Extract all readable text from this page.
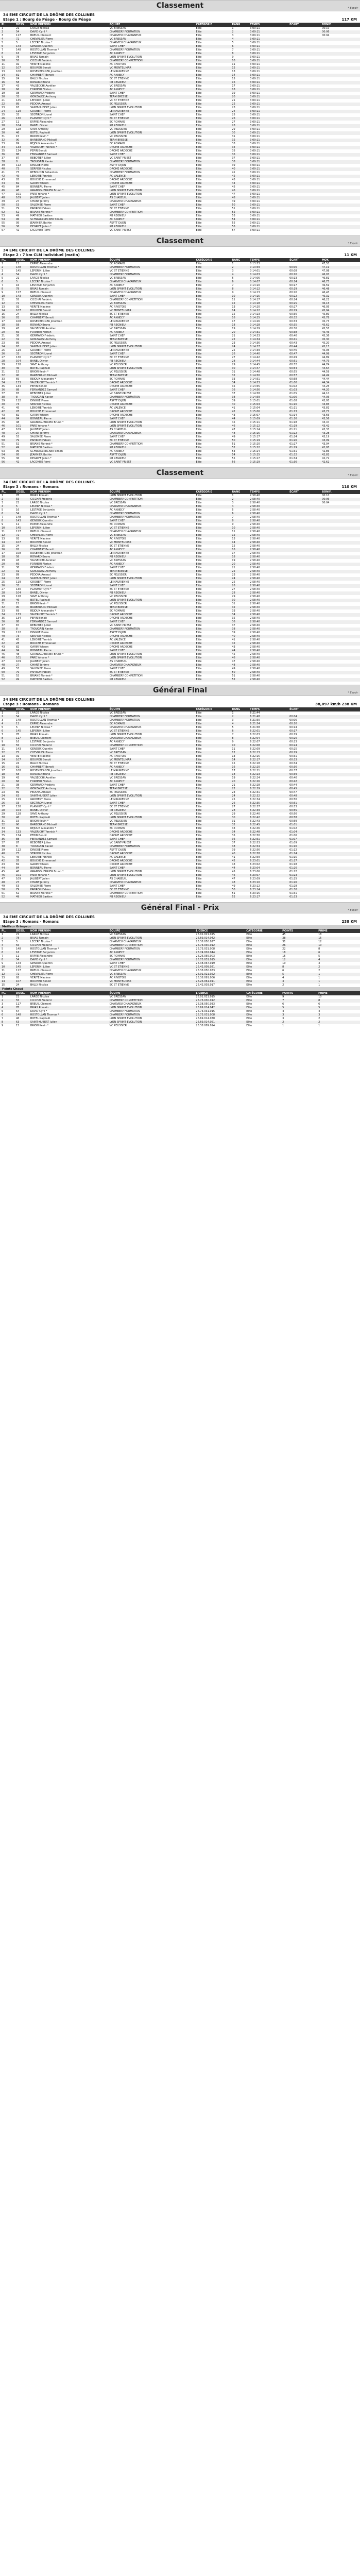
Classement	* Espoir
34 EME CIRCUIT DE LA DRÔME DES COLLINES
Etape 1 : Bourg de Péage - Bourg de Péage	117 KM
PL.	DOSS.	NOM PRÉNOM	ÉQUIPE	CATÉGORIE	RANG	TEMPS	ÉCART	BONIF.
1	21	LARGE Nicolas	VC BRESSAN	Elite	1	3:09:11		00:10
2	54	DAVID Cyril *	CHAMBERY FORMATION	Elite	2	3:09:11		00:06
3	117	BREUIL Clément	CHARVIEU CHAVAGNEUX	Elite	3	3:09:11		00:04
4	72	CHEVALIER Pierre	VC BRESSAN	Elite	4	3:09:11		
5	5	LECERF Nicolas *	CHARVIEU CHAVAGNEUX	Elite	5	3:09:11		
6	143	GENOUX Quentin	SAINT CHEF	Elite	6	3:09:11		
7	148	ROSTOLLAN Thomas *	CHAMBERY FORMATION	Elite	7	3:09:11		
8	16	LESTAGE Benjamin	AC ANNECY	Elite	8	3:09:11		
9	78	BRIAS Romain	LYON SPRINT EVOLUTION	Elite	9	3:09:11		
10	55	CICCHAI Frédéric	CHAMBERY COMPETITION	Elite	10	3:09:11		
11	92	VERITE Maxime	AC RIVOTOIS	Elite	11	3:09:11		
12	107	BOUVIER Benoit	VC MONTELIMAR	Elite	12	3:09:11		
13	108	ROSENBERGER Jonathan	LE MAURIENNE	Elite	13	3:09:11		
14	81	CHAMBERT Benoit	AC ANNECY	Elite	14	3:09:11		
15	24	BALLY Nicolas	EC ST ETIENNE	Elite	15	3:09:11		
16	58	RONARD Bruno	RB REGNIEU	Elite	16	3:09:11		
17	43	VALSECCHI Aurélien	VC BRESSAN	Elite	17	3:09:11		
18	66	FORNERI Florian	AC ANNECY	Elite	18	3:09:11		
19	38	GERMANO Frédéric	SAINT CHEF	Elite	19	3:09:11		
20	31	GONZALEZ Anthony	TEAM BRESSE	Elite	20	3:09:11		
21	145	LEPORINI Julien	VC ST ETIENNE	Elite	21	3:09:11		
22	89	PEDOYA Arnaud	EC PELISSIER	Elite	22	3:09:11		
23	63	SAINT-HUBERT Julien	LYON SPRINT EVOLUTION	Elite	23	3:09:11		
24	119	GROBERT Pierre	LE MAURIENNE	Elite	24	3:09:11		
25	33	SEGTIRON Lionel	SAINT CHEF	Elite	25	3:09:11		
26	130	PLANHOT Cyril *	EC ST ETIENNE	Elite	26	3:09:11		
27	11	ERPRE Alexandre	EC ROMANS	Elite	27	3:09:11		
28	104	BANEL Olivier	RB REGNIEU	Elite	28	3:09:11		
29	128	SAVE Anthony	VC PELISSIER	Elite	29	3:09:11		
30	46	BOTEL Raphaël	LYON SPRINT EVOLUTION	Elite	30	3:09:11		
31	15	BRION Kevin *	VC PELISSIER	Elite	31	3:09:11		
32	90	BARBERAND Mickaël	TEAM BRESSE	Elite	32	3:09:11		
33	69	REJOUX Alexandre *	EC ROMANS	Elite	33	3:09:11		
34	133	VALERICHY Yannick *	DROME ARDECHE	Elite	34	3:09:11		
35	134	PEPIN Benoit	DROME ARDECHE	Elite	35	3:09:11		
36	88	FERNANDEZ Samuel	SAINT CHEF	Elite	36	3:09:11		
37	87	REBOTIER Julien	VC SAINT-PRIEST	Elite	37	3:09:11		
38	8	TROUGAIN Xavier	CHAMBERY FORMATION	Elite	38	3:09:11		
39	112	DINGUE Pierre	ASPTT DIJON	Elite	39	3:09:11		
40	73	SERPOU Nicolas	DROME ARDECHE	Elite	40	3:09:11		
41	73	REBOUDIN Sébastien	CHAMBERY FORMATION	Elite	41	3:09:11		
42	45	LENOIRE Yannick	AC VALENCE	Elite	42	3:09:11		
43	28	BOUCHE Emmanuel	DROME ARDECHE	Elite	43	3:09:11		
44	82	GARIN Yohann	DROME ARDECHE	Elite	44	3:09:11		
45	84	BONNEAU Pierre	SAINT CHEF	Elite	45	3:09:11		
46	48	GRANDGUERRIER Bruno *	LYON SPRINT EVOLUTION	Elite	46	3:09:11		
47	101	PARE Yohann *	LYON SPRINT EVOLUTION	Elite	47	3:09:11		
48	109	JALIBERT Julien	AS CHABEUIL	Elite	48	3:09:11		
49	27	CHANT Jérémy	CHARVIEU CHAVAGNEUX	Elite	49	3:09:11		
50	53	SALOMBE Pierre	SAINT CHEF	Elite	50	3:09:11		
51	79	PAPIRON Fabien	EC ST ETIENNE	Elite	51	3:09:11		
52	52	BRIANE Florimé *	CHAMBERY COMPETITION	Elite	52	3:09:11		
53	49	MATHIEU Bastien	RB REGNIEU	Elite	53	3:09:11		
54	96	SCHWARZNECKER Simon	AC ANNECY	Elite	54	3:09:11		
55	95	JEANNIER Bathie	ASPTT DIJON	Elite	55	3:09:11		
56	36	DEGRIFF Julien *	RB REGNIEU	Elite	56	3:09:11		
57	42	LACOMBE Rémi	VC SAINT-PRIEST	Elite	57	3:09:11		
Classement	* Espoir
34 EME CIRCUIT DE LA DRÔME DES COLLINES
Etape 2 : 7 km CLM individuel (matin)	11 KM
PL.	DOSS.	NOM PRÉNOM	ÉQUIPE	CATÉGORIE	RANG	TEMPS	ÉCART	MOY.
1	11	ERPRE Alexandre	EC ROMANS	Elite	1	0:13:53		47,53
2	148	ROSTOLLAN Thomas *	CHAMBERY FORMATION	Elite	2	0:13:59	00:06	47,19
3	145	LEPORINI Julien	VC ST ETIENNE	Elite	3	0:14:01	00:08	47,08
4	54	DAVID Cyril *	CHAMBERY FORMATION	Elite	4	0:14:03	00:10	46,97
5	21	LARGE Nicolas	VC BRESSAN	Elite	5	0:14:06	00:13	46,81
6	5	LECERF Nicolas *	CHARVIEU CHAVAGNEUX	Elite	6	0:14:07	00:14	46,75
7	16	LESTAGE Benjamin	AC ANNECY	Elite	7	0:14:10	00:17	46,59
8	78	BRIAS Romain	LYON SPRINT EVOLUTION	Elite	8	0:14:12	00:19	46,48
9	117	BREUIL Clément	CHARVIEU CHAVAGNEUX	Elite	9	0:14:13	00:20	46,43
10	143	GENOUX Quentin	SAINT CHEF	Elite	10	0:14:15	00:22	46,32
11	55	CICCHAI Frédéric	CHAMBERY COMPETITION	Elite	11	0:14:17	00:24	46,21
12	72	CHEVALIER Pierre	VC BRESSAN	Elite	12	0:14:18	00:25	46,15
13	92	VERITE Maxime	AC RIVOTOIS	Elite	13	0:14:20	00:27	46,05
14	107	BOUVIER Benoit	VC MONTELIMAR	Elite	14	0:14:22	00:29	45,94
15	24	BALLY Nicolas	EC ST ETIENNE	Elite	15	0:14:23	00:30	45,89
16	81	CHAMBERT Benoit	AC ANNECY	Elite	16	0:14:25	00:32	45,78
17	108	ROSENBERGER Jonathan	LE MAURIENNE	Elite	17	0:14:26	00:33	45,73
18	58	RONARD Bruno	RB REGNIEU	Elite	18	0:14:28	00:35	45,62
19	43	VALSECCHI Aurélien	VC BRESSAN	Elite	19	0:14:29	00:36	45,57
20	66	FORNERI Florian	AC ANNECY	Elite	20	0:14:31	00:38	45,46
21	38	GERMANO Frédéric	SAINT CHEF	Elite	21	0:14:33	00:40	45,36
22	31	GONZALEZ Anthony	TEAM BRESSE	Elite	22	0:14:34	00:41	45,30
23	89	PEDOYA Arnaud	EC PELISSIER	Elite	23	0:14:36	00:43	45,20
24	63	SAINT-HUBERT Julien	LYON SPRINT EVOLUTION	Elite	24	0:14:37	00:44	45,15
25	119	GROBERT Pierre	LE MAURIENNE	Elite	25	0:14:39	00:46	45,05
26	33	SEGTIRON Lionel	SAINT CHEF	Elite	26	0:14:40	00:47	44,99
27	130	PLANHOT Cyril *	EC ST ETIENNE	Elite	27	0:14:42	00:49	44,89
28	104	BANEL Olivier	RB REGNIEU	Elite	28	0:14:44	00:51	44,79
29	128	SAVE Anthony	VC PELISSIER	Elite	29	0:14:45	00:52	44,74
30	46	BOTEL Raphaël	LYON SPRINT EVOLUTION	Elite	30	0:14:47	00:54	44,64
31	15	BRION Kevin *	VC PELISSIER	Elite	31	0:14:48	00:55	44,59
32	90	BARBERAND Mickaël	TEAM BRESSE	Elite	32	0:14:50	00:57	44,49
33	69	REJOUX Alexandre *	EC ROMANS	Elite	33	0:14:51	00:58	44,44
34	133	VALERICHY Yannick *	DROME ARDECHE	Elite	34	0:14:53	01:00	44,34
35	134	PEPIN Benoit	DROME ARDECHE	Elite	35	0:14:55	01:02	44,25
36	88	FERNANDEZ Samuel	SAINT CHEF	Elite	36	0:14:56	01:03	44,20
37	87	REBOTIER Julien	VC SAINT-PRIEST	Elite	37	0:14:58	01:05	44,10
38	8	TROUGAIN Xavier	CHAMBERY FORMATION	Elite	38	0:14:59	01:06	44,05
39	112	DINGUE Pierre	ASPTT DIJON	Elite	39	0:15:01	01:08	43,95
40	73	SERPOU Nicolas	DROME ARDECHE	Elite	40	0:15:03	01:10	43,85
41	45	LENOIRE Yannick	AC VALENCE	Elite	41	0:15:04	01:11	43,81
42	28	BOUCHE Emmanuel	DROME ARDECHE	Elite	42	0:15:06	01:13	43,71
43	82	GARIN Yohann	DROME ARDECHE	Elite	43	0:15:07	01:14	43,66
44	84	BONNEAU Pierre	SAINT CHEF	Elite	44	0:15:09	01:16	43,56
45	48	GRANDGUERRIER Bruno *	LYON SPRINT EVOLUTION	Elite	45	0:15:11	01:18	43,47
46	101	PARE Yohann *	LYON SPRINT EVOLUTION	Elite	46	0:15:12	01:19	43,42
47	109	JALIBERT Julien	AS CHABEUIL	Elite	47	0:15:14	01:21	43,33
48	27	CHANT Jérémy	CHARVIEU CHAVAGNEUX	Elite	48	0:15:15	01:22	43,28
49	53	SALOMBE Pierre	SAINT CHEF	Elite	49	0:15:17	01:24	43,19
50	79	PAPIRON Fabien	EC ST ETIENNE	Elite	50	0:15:19	01:26	43,09
51	52	BRIANE Florimé *	CHAMBERY COMPETITION	Elite	51	0:15:20	01:27	43,04
52	49	MATHIEU Bastien	RB REGNIEU	Elite	52	0:15:22	01:29	42,95
53	96	SCHWARZNECKER Simon	AC ANNECY	Elite	53	0:15:24	01:31	42,86
54	95	JEANNIER Bathie	ASPTT DIJON	Elite	54	0:15:25	01:32	42,81
55	36	DEGRIFF Julien *	RB REGNIEU	Elite	55	0:15:27	01:34	42,72
56	42	LACOMBE Rémi	VC SAINT-PRIEST	Elite	56	0:15:29	01:36	42,62
Classement	* Espoir
34 EME CIRCUIT DE LA DRÔME DES COLLINES
Etape 3 : Romans - Romans	110 KM
PL.	DOSS.	NOM PRÉNOM	ÉQUIPE	CATÉGORIE	RANG	TEMPS	ÉCART	BONIF.
1	78	BRIAS Romain	LYON SPRINT EVOLUTION	Elite	1	2:58:40		00:10
2	55	CICCHAI Frédéric	CHAMBERY COMPETITION	Elite	2	2:58:40		00:06
3	21	LARGE Nicolas	VC BRESSAN	Elite	3	2:58:40		00:04
4	5	LECERF Nicolas *	CHARVIEU CHAVAGNEUX	Elite	4	2:58:40		
5	16	LESTAGE Benjamin	AC ANNECY	Elite	5	2:58:40		
6	54	DAVID Cyril *	CHAMBERY FORMATION	Elite	6	2:58:40		
7	148	ROSTOLLAN Thomas *	CHAMBERY FORMATION	Elite	7	2:58:40		
8	143	GENOUX Quentin	SAINT CHEF	Elite	8	2:58:40		
9	11	ERPRE Alexandre	EC ROMANS	Elite	9	2:58:40		
10	145	LEPORINI Julien	VC ST ETIENNE	Elite	10	2:58:40		
11	117	BREUIL Clément	CHARVIEU CHAVAGNEUX	Elite	11	2:58:40		
12	72	CHEVALIER Pierre	VC BRESSAN	Elite	12	2:58:40		
13	92	VERITE Maxime	AC RIVOTOIS	Elite	13	2:58:40		
14	107	BOUVIER Benoit	VC MONTELIMAR	Elite	14	2:58:40		
15	24	BALLY Nicolas	EC ST ETIENNE	Elite	15	2:58:40		
16	81	CHAMBERT Benoit	AC ANNECY	Elite	16	2:58:40		
17	108	ROSENBERGER Jonathan	LE MAURIENNE	Elite	17	2:58:40		
18	58	RONARD Bruno	RB REGNIEU	Elite	18	2:58:40		
19	43	VALSECCHI Aurélien	VC BRESSAN	Elite	19	2:58:40		
20	66	FORNERI Florian	AC ANNECY	Elite	20	2:58:40		
21	38	GERMANO Frédéric	SAINT CHEF	Elite	21	2:58:40		
22	31	GONZALEZ Anthony	TEAM BRESSE	Elite	22	2:58:40		
23	89	PEDOYA Arnaud	EC PELISSIER	Elite	23	2:58:40		
24	63	SAINT-HUBERT Julien	LYON SPRINT EVOLUTION	Elite	24	2:58:40		
25	119	GROBERT Pierre	LE MAURIENNE	Elite	25	2:58:40		
26	33	SEGTIRON Lionel	SAINT CHEF	Elite	26	2:58:40		
27	130	PLANHOT Cyril *	EC ST ETIENNE	Elite	27	2:58:40		
28	104	BANEL Olivier	RB REGNIEU	Elite	28	2:58:40		
29	128	SAVE Anthony	VC PELISSIER	Elite	29	2:58:40		
30	46	BOTEL Raphaël	LYON SPRINT EVOLUTION	Elite	30	2:58:40		
31	15	BRION Kevin *	VC PELISSIER	Elite	31	2:58:40		
32	90	BARBERAND Mickaël	TEAM BRESSE	Elite	32	2:58:40		
33	69	REJOUX Alexandre *	EC ROMANS	Elite	33	2:58:40		
34	133	VALERICHY Yannick *	DROME ARDECHE	Elite	34	2:58:40		
35	134	PEPIN Benoit	DROME ARDECHE	Elite	35	2:58:40		
36	88	FERNANDEZ Samuel	SAINT CHEF	Elite	36	2:58:40		
37	87	REBOTIER Julien	VC SAINT-PRIEST	Elite	37	2:58:40		
38	8	TROUGAIN Xavier	CHAMBERY FORMATION	Elite	38	2:58:40		
39	112	DINGUE Pierre	ASPTT DIJON	Elite	39	2:58:40		
40	73	SERPOU Nicolas	DROME ARDECHE	Elite	40	2:58:40		
41	45	LENOIRE Yannick	AC VALENCE	Elite	41	2:58:40		
42	28	BOUCHE Emmanuel	DROME ARDECHE	Elite	42	2:58:40		
43	82	GARIN Yohann	DROME ARDECHE	Elite	43	2:58:40		
44	84	BONNEAU Pierre	SAINT CHEF	Elite	44	2:58:40		
45	48	GRANDGUERRIER Bruno *	LYON SPRINT EVOLUTION	Elite	45	2:58:40		
46	101	PARE Yohann *	LYON SPRINT EVOLUTION	Elite	46	2:58:40		
47	109	JALIBERT Julien	AS CHABEUIL	Elite	47	2:58:40		
48	27	CHANT Jérémy	CHARVIEU CHAVAGNEUX	Elite	48	2:58:40		
49	53	SALOMBE Pierre	SAINT CHEF	Elite	49	2:58:40		
50	79	PAPIRON Fabien	EC ST ETIENNE	Elite	50	2:58:40		
51	52	BRIANE Florimé *	CHAMBERY COMPETITION	Elite	51	2:58:40		
52	49	MATHIEU Bastien	RB REGNIEU	Elite	52	2:58:40		
Général Final	* Espoir
34 EME CIRCUIT DE LA DRÔME DES COLLINES
Etape 3 : Romans - Romans	38,097 km/h 238 KM
PL.	DOSS.	NOM PRÉNOM	ÉQUIPE	CATÉGORIE	RANG	TEMPS	ÉCART	
1	21	LARGE Nicolas	VC BRESSAN	Elite	1	6:21:44		
2	54	DAVID Cyril *	CHAMBERY FORMATION	Elite	2	6:21:48	00:04	
3	148	ROSTOLLAN Thomas *	CHAMBERY FORMATION	Elite	3	6:21:50	00:06	
4	11	ERPRE Alexandre	EC ROMANS	Elite	4	6:21:54	00:10	
5	5	LECERF Nicolas *	CHARVIEU CHAVAGNEUX	Elite	5	6:21:58	00:14	
6	145	LEPORINI Julien	VC ST ETIENNE	Elite	6	6:22:01	00:17	
7	78	BRIAS Romain	LYON SPRINT EVOLUTION	Elite	7	6:22:03	00:19	
8	117	BREUIL Clément	CHARVIEU CHAVAGNEUX	Elite	8	6:22:04	00:20	
9	16	LESTAGE Benjamin	AC ANNECY	Elite	9	6:22:07	00:23	
10	55	CICCHAI Frédéric	CHAMBERY COMPETITION	Elite	10	6:22:08	00:24	
11	143	GENOUX Quentin	SAINT CHEF	Elite	11	6:22:09	00:25	
12	72	CHEVALIER Pierre	VC BRESSAN	Elite	12	6:22:13	00:29	
13	92	VERITE Maxime	AC RIVOTOIS	Elite	13	6:22:15	00:31	
14	107	BOUVIER Benoit	VC MONTELIMAR	Elite	14	6:22:17	00:33	
15	24	BALLY Nicolas	EC ST ETIENNE	Elite	15	6:22:18	00:34	
16	81	CHAMBERT Benoit	AC ANNECY	Elite	16	6:22:20	00:36	
17	108	ROSENBERGER Jonathan	LE MAURIENNE	Elite	17	6:22:21	00:37	
18	58	RONARD Bruno	RB REGNIEU	Elite	18	6:22:23	00:39	
19	43	VALSECCHI Aurélien	VC BRESSAN	Elite	19	6:22:24	00:40	
20	66	FORNERI Florian	AC ANNECY	Elite	20	6:22:26	00:42	
21	38	GERMANO Frédéric	SAINT CHEF	Elite	21	6:22:28	00:44	
22	31	GONZALEZ Anthony	TEAM BRESSE	Elite	22	6:22:29	00:45	
23	89	PEDOYA Arnaud	EC PELISSIER	Elite	23	6:22:31	00:47	
24	63	SAINT-HUBERT Julien	LYON SPRINT EVOLUTION	Elite	24	6:22:32	00:48	
25	119	GROBERT Pierre	LE MAURIENNE	Elite	25	6:22:34	00:50	
26	33	SEGTIRON Lionel	SAINT CHEF	Elite	26	6:22:35	00:51	
27	130	PLANHOT Cyril *	EC ST ETIENNE	Elite	27	6:22:37	00:53	
28	104	BANEL Olivier	RB REGNIEU	Elite	28	6:22:39	00:55	
29	128	SAVE Anthony	VC PELISSIER	Elite	29	6:22:40	00:56	
30	46	BOTEL Raphaël	LYON SPRINT EVOLUTION	Elite	30	6:22:42	00:58	
31	15	BRION Kevin *	VC PELISSIER	Elite	31	6:22:43	00:59	
32	90	BARBERAND Mickaël	TEAM BRESSE	Elite	32	6:22:45	01:01	
33	69	REJOUX Alexandre *	EC ROMANS	Elite	33	6:22:46	01:02	
34	133	VALERICHY Yannick *	DROME ARDECHE	Elite	34	6:22:48	01:04	
35	134	PEPIN Benoit	DROME ARDECHE	Elite	35	6:22:50	01:06	
36	88	FERNANDEZ Samuel	SAINT CHEF	Elite	36	6:22:51	01:07	
37	87	REBOTIER Julien	VC SAINT-PRIEST	Elite	37	6:22:53	01:09	
38	8	TROUGAIN Xavier	CHAMBERY FORMATION	Elite	38	6:22:54	01:10	
39	112	DINGUE Pierre	ASPTT DIJON	Elite	39	6:22:56	01:12	
40	73	SERPOU Nicolas	DROME ARDECHE	Elite	40	6:22:58	01:14	
41	45	LENOIRE Yannick	AC VALENCE	Elite	41	6:22:59	01:15	
42	28	BOUCHE Emmanuel	DROME ARDECHE	Elite	42	6:23:01	01:17	
43	82	GARIN Yohann	DROME ARDECHE	Elite	43	6:23:02	01:18	
44	84	BONNEAU Pierre	SAINT CHEF	Elite	44	6:23:04	01:20	
45	48	GRANDGUERRIER Bruno *	LYON SPRINT EVOLUTION	Elite	45	6:23:06	01:22	
46	101	PARE Yohann *	LYON SPRINT EVOLUTION	Elite	46	6:23:07	01:23	
47	109	JALIBERT Julien	AS CHABEUIL	Elite	47	6:23:09	01:25	
48	27	CHANT Jérémy	CHARVIEU CHAVAGNEUX	Elite	48	6:23:10	01:26	
49	53	SALOMBE Pierre	SAINT CHEF	Elite	49	6:23:12	01:28	
50	79	PAPIRON Fabien	EC ST ETIENNE	Elite	50	6:23:14	01:30	
51	52	BRIANE Florimé *	CHAMBERY COMPETITION	Elite	51	6:23:15	01:31	
52	49	MATHIEU Bastien	RB REGNIEU	Elite	52	6:23:17	01:33	
Général Final - Prix	* Espoir
34 EME CIRCUIT DE LA DRÔME DES COLLINES
Etape 3 : Romans - Romans	238 KM
Meilleur Grimpeur
PL.	DOSS.	NOM PRÉNOM	ÉQUIPE	LICENCE	CATÉGORIE	POINTS	PRIME
1	21	LARGE Nicolas	VC BRESSAN	26.01.021.015	Elite	45	18
2	78	BRIAS Romain	LYON SPRINT EVOLUTION	26.69.014.042	Elite	38	15
3	5	LECERF Nicolas *	CHARVIEU CHAVAGNEUX	26.38.050.027	Elite	31	12
4	55	CICCHAI Frédéric	CHAMBERY COMPETITION	26.73.030.012	Elite	26	10
5	148	ROSTOLLAN Thomas *	CHAMBERY FORMATION	26.73.031.008	Elite	22	8
6	16	LESTAGE Benjamin	AC ANNECY	26.74.002.044	Elite	18	6
7	11	ERPRE Alexandre	EC ROMANS	26.26.055.003	Elite	15	5
8	54	DAVID Cyril *	CHAMBERY FORMATION	26.73.031.015	Elite	12	4
9	143	GENOUX Quentin	SAINT CHEF	26.38.067.019	Elite	10	3
10	145	LEPORINI Julien	VC ST ETIENNE	26.42.009.021	Elite	8	2
11	117	BREUIL Clément	CHARVIEU CHAVAGNEUX	26.38.050.033	Elite	6	2
12	72	CHEVALIER Pierre	VC BRESSAN	26.01.021.022	Elite	5	1
13	92	VERITE Maxime	AC RIVOTOIS	26.38.091.006	Elite	4	1
14	107	BOUVIER Benoit	VC MONTELIMAR	26.26.061.011	Elite	3	1
15	24	BALLY Nicolas	EC ST ETIENNE	26.42.003.017	Elite	2	1
Points Chaud
PL.	DOSS.	NOM PRÉNOM	ÉQUIPE	LICENCE	CATÉGORIE	POINTS	PRIME
1	21	LARGE Nicolas	VC BRESSAN	26.01.021.015	Elite	9	10
2	55	CICCHAI Frédéric	CHAMBERY COMPETITION	26.73.030.012	Elite	7	8
3	117	BREUIL Clément	CHARVIEU CHAVAGNEUX	26.38.050.033	Elite	6	6
4	78	BRIAS Romain	LYON SPRINT EVOLUTION	26.69.014.042	Elite	5	5
5	54	DAVID Cyril *	CHAMBERY FORMATION	26.73.031.015	Elite	4	4
6	148	ROSTOLLAN Thomas *	CHAMBERY FORMATION	26.73.031.008	Elite	3	3
7	46	BOTEL Raphaël	LYON SPRINT EVOLUTION	26.69.014.030	Elite	3	2
8	63	SAINT-HUBERT Julien	LYON SPRINT EVOLUTION	26.69.014.051	Elite	2	2
9	15	BRION Kevin *	VC PELISSIER	26.38.089.014	Elite	1	1
